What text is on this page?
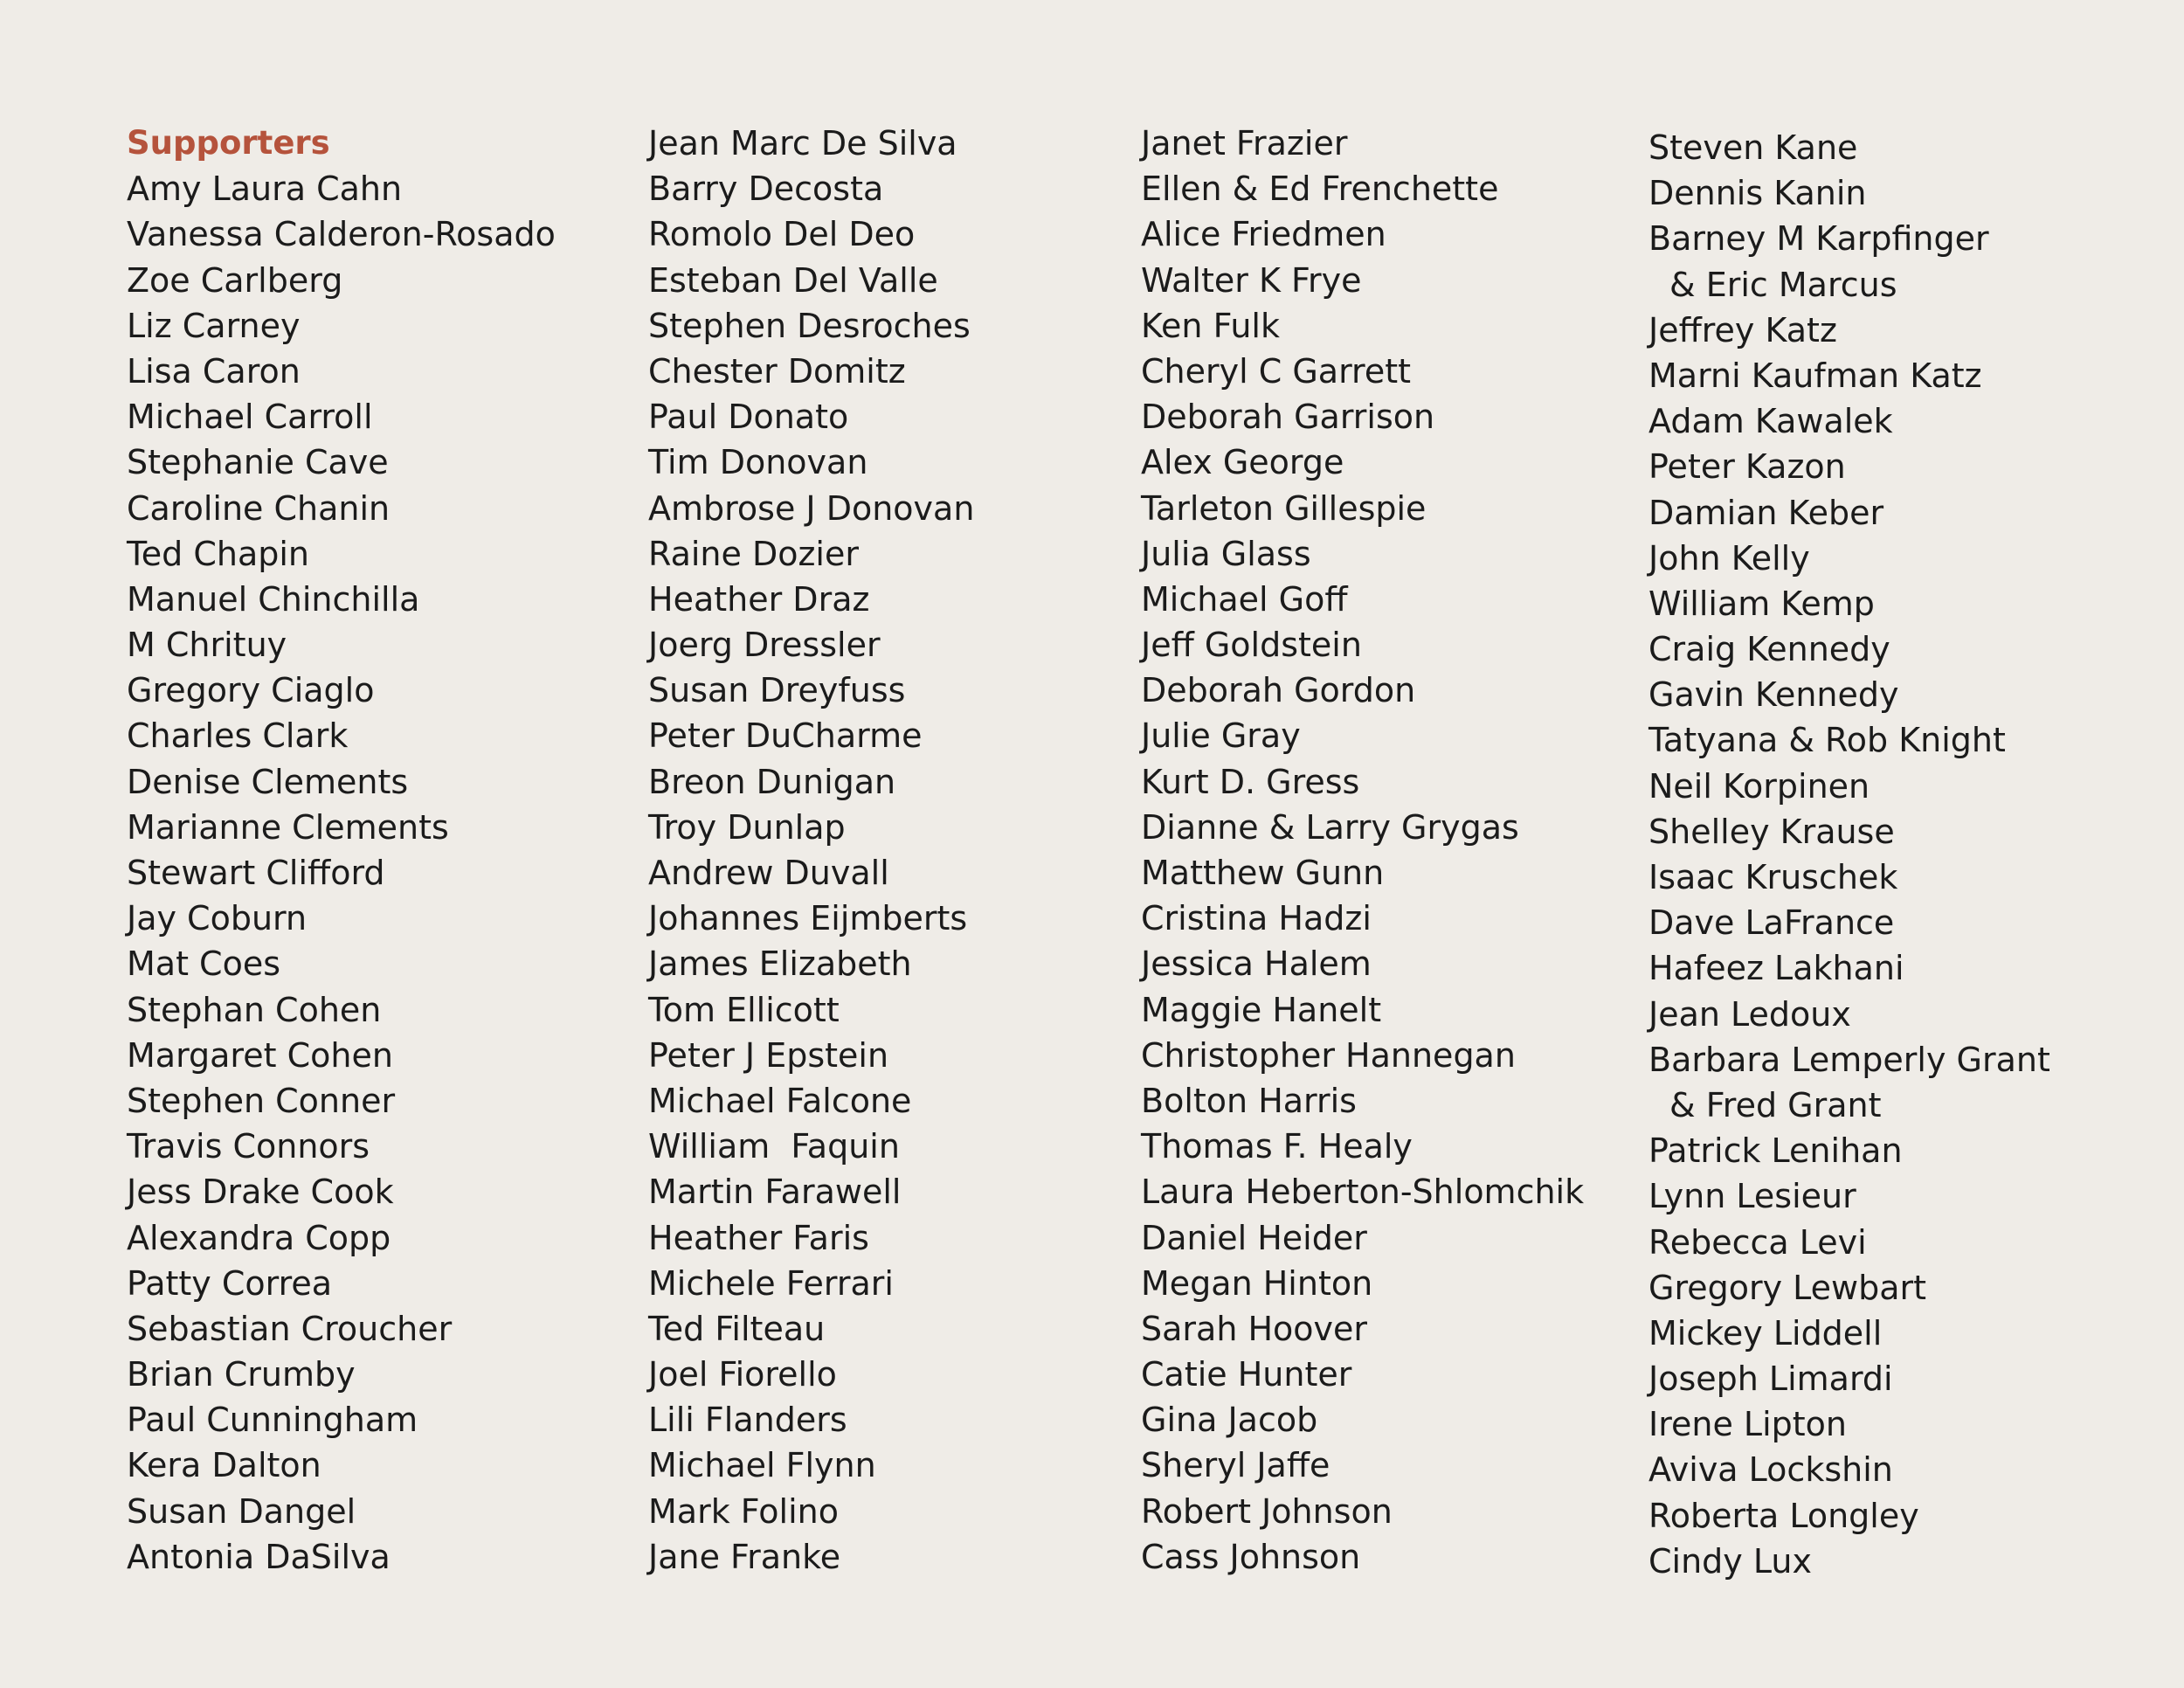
Supporters
Amy Laura Cahn
Vanessa Calderon-Rosado
Zoe Carlberg
Liz Carney
Lisa Caron
Michael Carroll
Stephanie Cave
Caroline Chanin
Ted Chapin
Manuel Chinchilla
M Chrituy
Gregory Ciaglo
Charles Clark
Denise Clements
Marianne Clements
Stewart Clifford
Jay Coburn
Mat Coes
Stephan Cohen
Margaret Cohen
Stephen Conner
Travis Connors
Jess Drake Cook
Alexandra Copp
Patty Correa
Sebastian Croucher
Brian Crumby
Paul Cunningham
Kera Dalton
Susan Dangel
Antonia DaSilva
Jean Marc De Silva
Barry Decosta
Romolo Del Deo
Esteban Del Valle
Stephen Desroches
Chester Domitz
Paul Donato
Tim Donovan
Ambrose J Donovan
Raine Dozier
Heather Draz
Joerg Dressler
Susan Dreyfuss
Peter DuCharme
Breon Dunigan
Troy Dunlap
Andrew Duvall
Johannes Eijmberts
James Elizabeth
Tom Ellicott
Peter J Epstein
Michael Falcone
William  Faquin
Martin Farawell
Heather Faris
Michele Ferrari
Ted Filteau
Joel Fiorello
Lili Flanders
Michael Flynn
Mark Folino
Jane Franke
Janet Frazier
Ellen & Ed Frenchette
Alice Friedmen
Walter K Frye
Ken Fulk
Cheryl C Garrett
Deborah Garrison
Alex George
Tarleton Gillespie
Julia Glass
Michael Goff
Jeff Goldstein
Deborah Gordon
Julie Gray
Kurt D. Gress
Dianne & Larry Grygas
Matthew Gunn
Cristina Hadzi
Jessica Halem
Maggie Hanelt
Christopher Hannegan
Bolton Harris
Thomas F. Healy
Laura Heberton-Shlomchik
Daniel Heider
Megan Hinton
Sarah Hoover
Catie Hunter
Gina Jacob
Sheryl Jaffe
Robert Johnson
Cass Johnson
Steven Kane
Dennis Kanin
Barney M Karpfinger
& Eric Marcus
Jeffrey Katz
Marni Kaufman Katz
Adam Kawalek
Peter Kazon
Damian Keber
John Kelly
William Kemp
Craig Kennedy
Gavin Kennedy
Tatyana & Rob Knight
Neil Korpinen
Shelley Krause
Isaac Kruschek
Dave LaFrance
Hafeez Lakhani
Jean Ledoux
Barbara Lemperly Grant
& Fred Grant
Patrick Lenihan
Lynn Lesieur
Rebecca Levi
Gregory Lewbart
Mickey Liddell
Joseph Limardi
Irene Lipton
Aviva Lockshin
Roberta Longley
Cindy Lux
